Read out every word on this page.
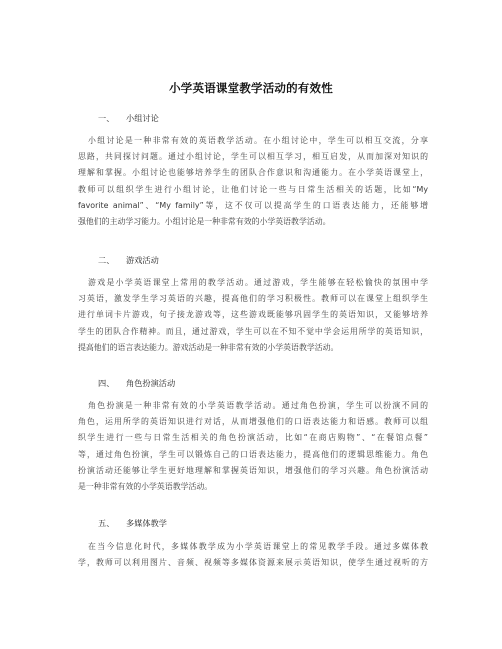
小学英语课堂教学活动的有效性
一、 小组讨论
小组讨论是一种非常有效的英语教学活动。在小组讨论中，学生可以相互交流，分享
思路，共同探讨问题。通过小组讨论，学生可以相互学习，相互启发，从而加深对知识的
理解和掌握。小组讨论也能够培养学生的团队合作意识和沟通能力。在小学英语课堂上，
教师可以组织学生进行小组讨论，让他们讨论一些与日常生活相关的话题，比如“My
favorite animal”、“My family”等，这不仅可以提高学生的口语表达能力，还能够增
强他们的主动学习能力。小组讨论是一种非常有效的小学英语教学活动。
二、 游戏活动
游戏是小学英语课堂上常用的教学活动。通过游戏，学生能够在轻松愉快的氛围中学
习英语，激发学生学习英语的兴趣，提高他们的学习积极性。教师可以在课堂上组织学生
进行单词卡片游戏，句子接龙游戏等，这些游戏既能够巩固学生的英语知识，又能够培养
学生的团队合作精神。而且，通过游戏，学生可以在不知不觉中学会运用所学的英语知识，
提高他们的语言表达能力。游戏活动是一种非常有效的小学英语教学活动。
四、 角色扮演活动
角色扮演是一种非常有效的小学英语教学活动。通过角色扮演，学生可以扮演不同的
角色，运用所学的英语知识进行对话，从而增强他们的口语表达能力和语感。教师可以组
织学生进行一些与日常生活相关的角色扮演活动，比如“在商店购物”、“在餐馆点餐”
等，通过角色扮演，学生可以锻炼自己的口语表达能力，提高他们的逻辑思维能力。角色
扮演活动还能够让学生更好地理解和掌握英语知识，增强他们的学习兴趣。角色扮演活动
是一种非常有效的小学英语教学活动。
五、 多媒体教学
在当今信息化时代，多媒体教学成为小学英语课堂上的常见教学手段。通过多媒体教
学，教师可以利用图片、音频、视频等多媒体资源来展示英语知识，使学生通过视听的方
